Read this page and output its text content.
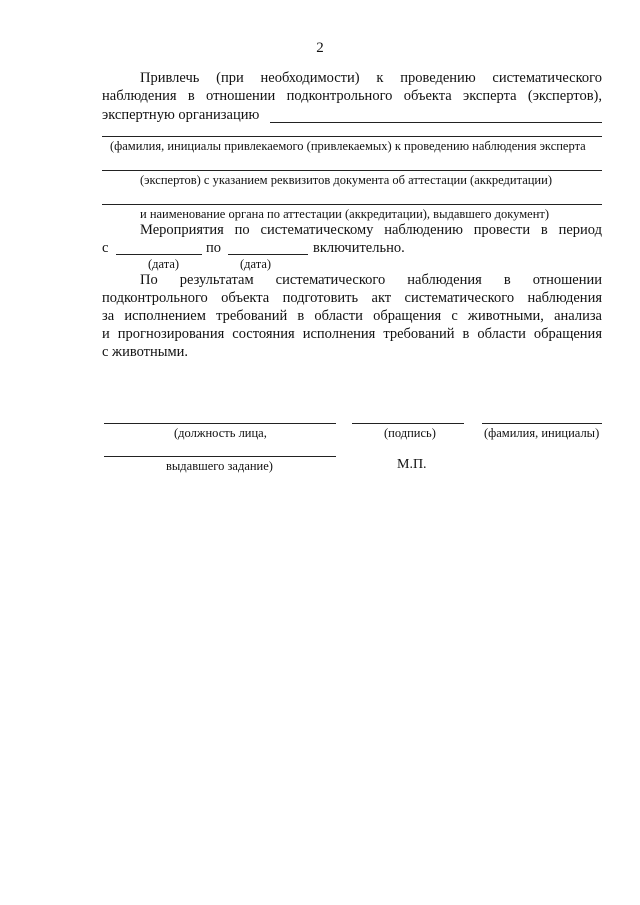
2
Привлечь (при необходимости) к проведению систематического
наблюдения в отношении подконтрольного объекта эксперта (экспертов),
экспертную организацию
(фамилия, инициалы привлекаемого (привлекаемых) к проведению наблюдения эксперта
(экспертов) с указанием реквизитов документа об аттестации (аккредитации)
и наименование органа по аттестации (аккредитации), выдавшего документ)
Мероприятия по систематическому наблюдению провести в период
с	по	включительно.
(дата)	(дата)
По результатам систематического наблюдения в отношении
подконтрольного объекта подготовить акт систематического наблюдения
за исполнением требований в области обращения с животными, анализа
и прогнозирования состояния исполнения требований в области обращения
с животными.
(должность лица,	(подпись)	(фамилия, инициалы)
выдавшего задание)	М.П.
